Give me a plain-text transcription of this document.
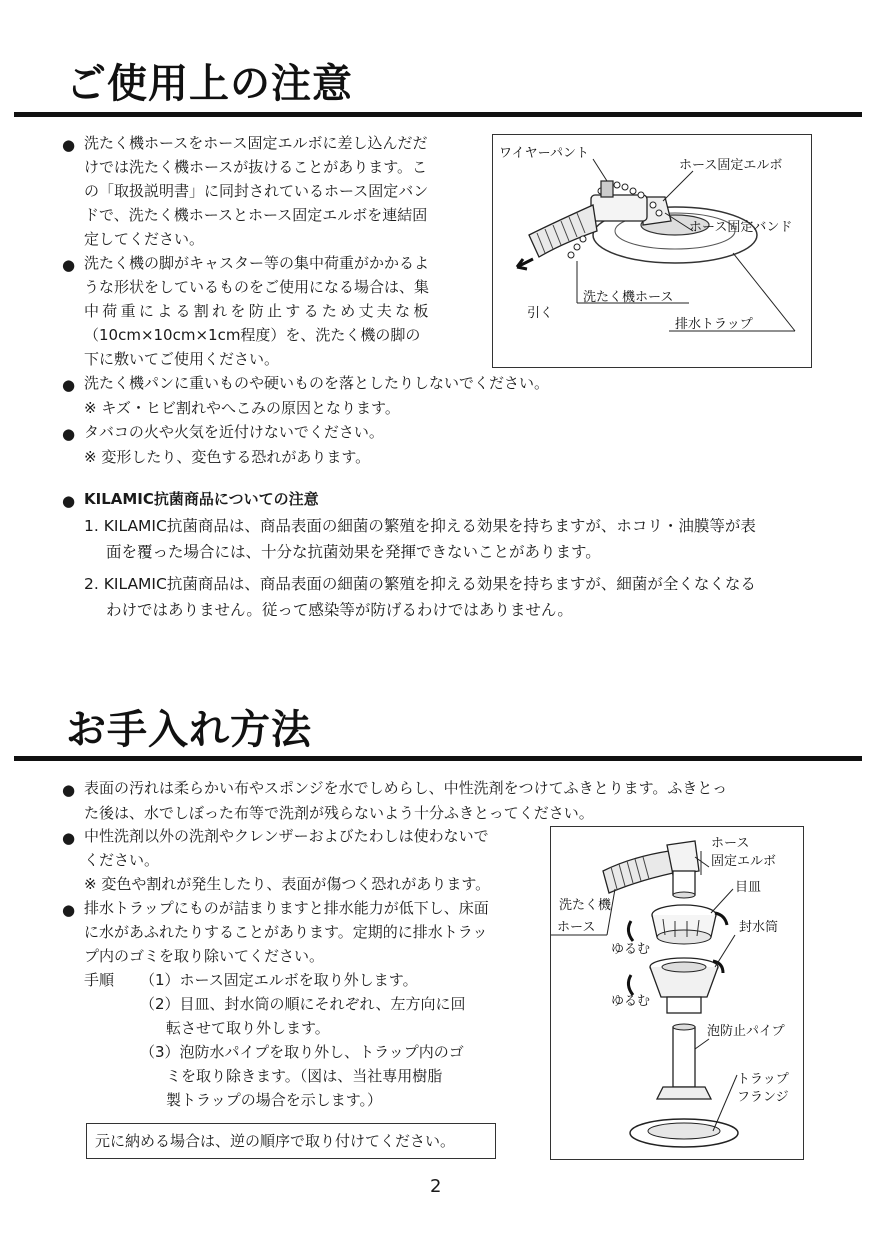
ご使用上の注意
● 洗たく機ホースをホース固定エルボに差し込んだだ
けでは洗たく機ホースが抜けることがあります。こ
の「取扱説明書」に同封されているホース固定バン
ドで、洗たく機ホースとホース固定エルボを連結固
定してください。
● 洗たく機の脚がキャスター等の集中荷重がかかるよ
うな形状をしているものをご使用になる場合は、集
中荷重による割れを防止するため丈夫な板
（10cm×10cm×1cm程度）を、洗たく機の脚の
下に敷いてご使用ください。
ワイヤーパント
ホース固定エルボ
ホース固定バンド
洗たく機ホース
引く
排水トラップ
● 洗たく機パンに重いものや硬いものを落としたりしないでください。
※ キズ・ヒビ割れやへこみの原因となります。
● タバコの火や火気を近付けないでください。
※ 変形したり、変色する恐れがあります。
● KILAMIC抗菌商品についての注意
1. KILAMIC抗菌商品は、商品表面の細菌の繁殖を抑える効果を持ちますが、ホコリ・油膜等が表
面を覆った場合には、十分な抗菌効果を発揮できないことがあります。
2. KILAMIC抗菌商品は、商品表面の細菌の繁殖を抑える効果を持ちますが、細菌が全くなくなる
わけではありません。従って感染等が防げるわけではありません。
お手入れ方法
● 表面の汚れは柔らかい布やスポンジを水でしめらし、中性洗剤をつけてふきとります。ふきとっ
た後は、水でしぼった布等で洗剤が残らないよう十分ふきとってください。
● 中性洗剤以外の洗剤やクレンザーおよびたわしは使わないで
ください。
※ 変色や割れが発生したり、表面が傷つく恐れがあります。
● 排水トラップにものが詰まりますと排水能力が低下し、床面
に水があふれたりすることがあります。定期的に排水トラッ
プ内のゴミを取り除いてください。
手順 （1）ホース固定エルボを取り外します。
（2）目皿、封水筒の順にそれぞれ、左方向に回
転させて取り外します。
（3）泡防水パイプを取り外し、トラップ内のゴ
ミを取り除きます。（図は、当社専用樹脂
製トラップの場合を示します。）
元に納める場合は、逆の順序で取り付けてください。
ホース
固定エルボ
目皿
洗たく機
ホース	封水筒
ゆるむ
ゆるむ
泡防止パイプ
トラップ
フランジ
2
